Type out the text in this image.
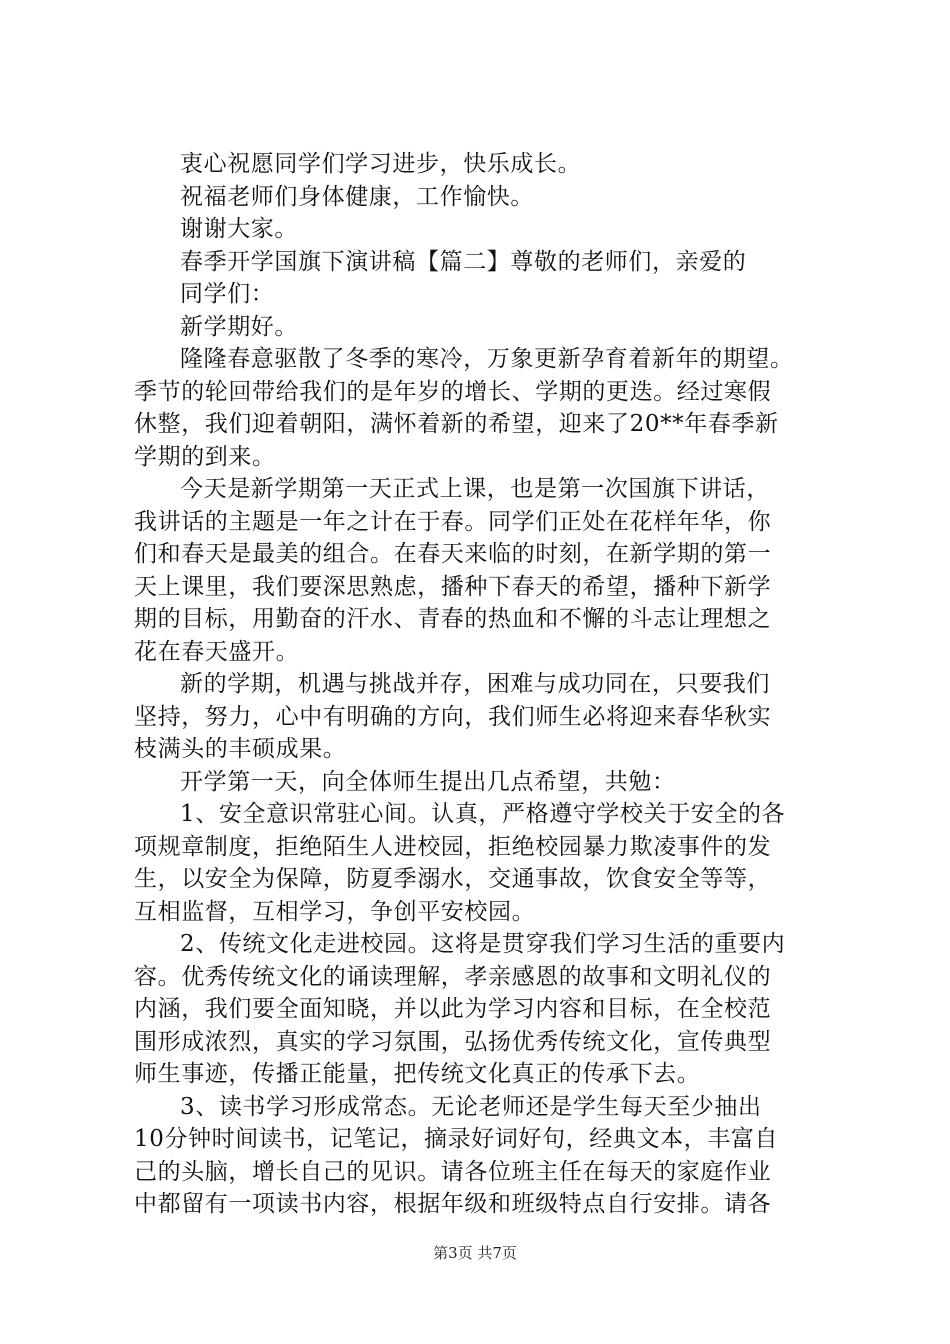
衷心祝愿同学们学习进步，快乐成长。
祝福老师们身体健康，工作愉快。
谢谢大家。
春季开学国旗下演讲稿【篇二】尊敬的老师们，亲爱的
同学们：
新学期好。
隆隆春意驱散了冬季的寒冷，万象更新孕育着新年的期望。
季节的轮回带给我们的是年岁的增长、学期的更迭。经过寒假
休整，我们迎着朝阳，满怀着新的希望，迎来了20**年春季新
学期的到来。
今天是新学期第一天正式上课，也是第一次国旗下讲话，
我讲话的主题是一年之计在于春。同学们正处在花样年华，你
们和春天是最美的组合。在春天来临的时刻，在新学期的第一
天上课里，我们要深思熟虑，播种下春天的希望，播种下新学
期的目标，用勤奋的汗水、青春的热血和不懈的斗志让理想之
花在春天盛开。
新的学期，机遇与挑战并存，困难与成功同在，只要我们
坚持，努力，心中有明确的方向，我们师生必将迎来春华秋实
枝满头的丰硕成果。
开学第一天，向全体师生提出几点希望，共勉：
1、安全意识常驻心间。认真，严格遵守学校关于安全的各
项规章制度，拒绝陌生人进校园，拒绝校园暴力欺凌事件的发
生，以安全为保障，防夏季溺水，交通事故，饮食安全等等，
互相监督，互相学习，争创平安校园。
2、传统文化走进校园。这将是贯穿我们学习生活的重要内
容。优秀传统文化的诵读理解，孝亲感恩的故事和文明礼仪的
内涵，我们要全面知晓，并以此为学习内容和目标，在全校范
围形成浓烈，真实的学习氛围，弘扬优秀传统文化，宣传典型
师生事迹，传播正能量，把传统文化真正的传承下去。
3、读书学习形成常态。无论老师还是学生每天至少抽出
10分钟时间读书，记笔记，摘录好词好句，经典文本，丰富自
己的头脑，增长自己的见识。请各位班主任在每天的家庭作业
中都留有一项读书内容，根据年级和班级特点自行安排。请各
第3页 共7页
